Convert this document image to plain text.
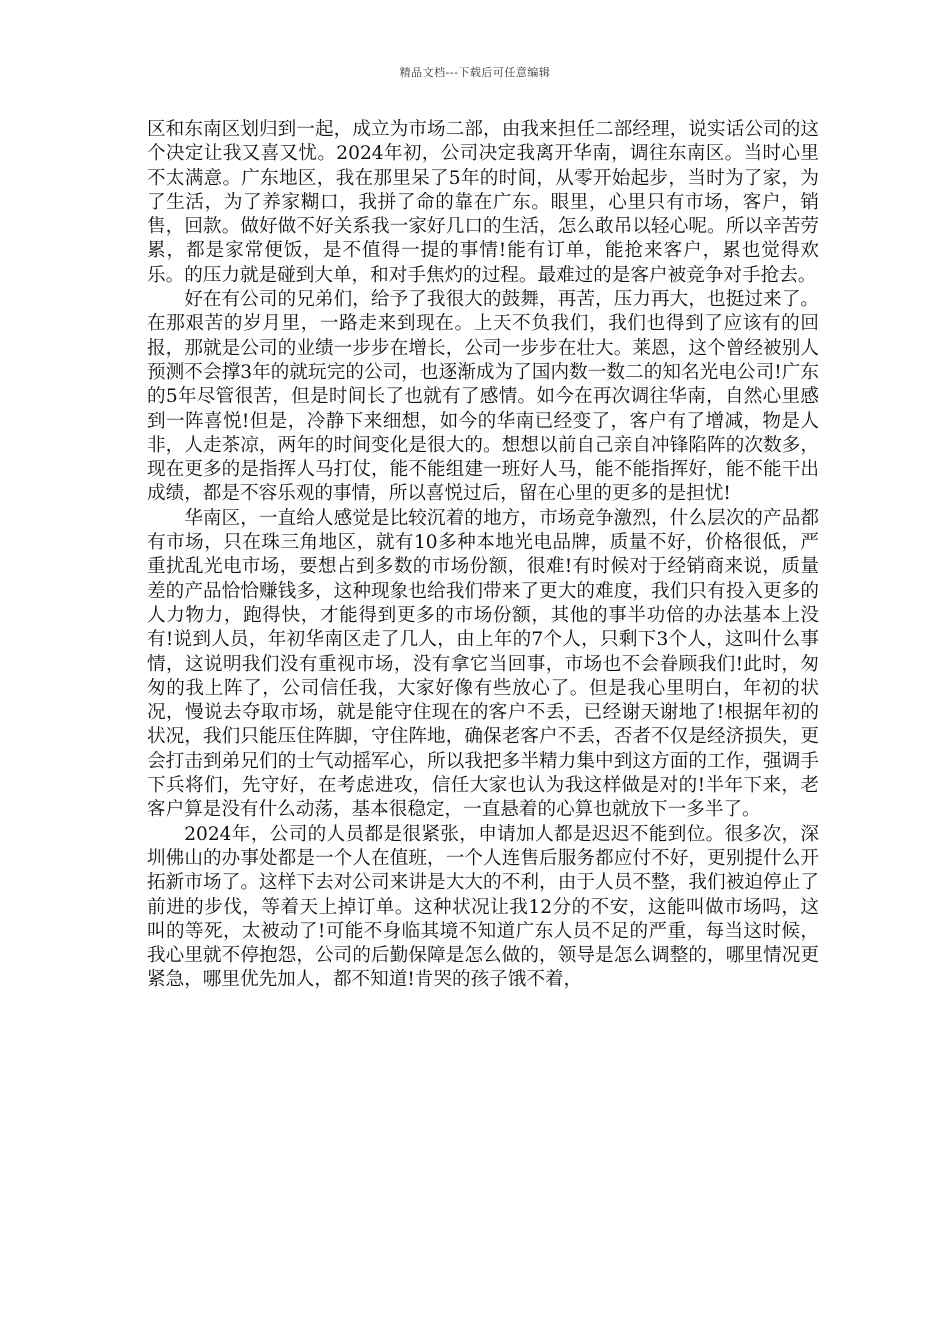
精品文档---下载后可任意编辑

区和东南区划归到一起，成立为市场二部，由我来担任二部经理，说实话公司的这个决定让我又喜又忧。2024年初，公司决定我离开华南，调往东南区。当时心里不太满意。广东地区，我在那里呆了5年的时间，从零开始起步，当时为了家，为了生活，为了养家糊口，我拼了命的靠在广东。眼里，心里只有市场，客户，销售，回款。做好做不好关系我一家好几口的生活，怎么敢吊以轻心呢。所以辛苦劳累，都是家常便饭，是不值得一提的事情!能有订单，能抢来客户，累也觉得欢乐。的压力就是碰到大单，和对手焦灼的过程。最难过的是客户被竞争对手抢去。

好在有公司的兄弟们，给予了我很大的鼓舞，再苦，压力再大，也挺过来了。在那艰苦的岁月里，一路走来到现在。上天不负我们，我们也得到了应该有的回报，那就是公司的业绩一步步在增长，公司一步步在壮大。莱恩，这个曾经被别人预测不会撑3年的就玩完的公司，也逐渐成为了国内数一数二的知名光电公司!广东的5年尽管很苦，但是时间长了也就有了感情。如今在再次调往华南，自然心里感到一阵喜悦!但是，冷静下来细想，如今的华南已经变了，客户有了增减，物是人非，人走茶凉，两年的时间变化是很大的。想想以前自己亲自冲锋陷阵的次数多，现在更多的是指挥人马打仗，能不能组建一班好人马，能不能指挥好，能不能干出成绩，都是不容乐观的事情，所以喜悦过后，留在心里的更多的是担忧!

华南区，一直给人感觉是比较沉着的地方，市场竞争激烈，什么层次的产品都有市场，只在珠三角地区，就有10多种本地光电品牌，质量不好，价格很低，严重扰乱光电市场，要想占到多数的市场份额，很难!有时候对于经销商来说，质量差的产品恰恰赚钱多，这种现象也给我们带来了更大的难度，我们只有投入更多的人力物力，跑得快，才能得到更多的市场份额，其他的事半功倍的办法基本上没有!说到人员，年初华南区走了几人，由上年的7个人，只剩下3个人，这叫什么事情，这说明我们没有重视市场，没有拿它当回事，市场也不会眷顾我们!此时，匆匆的我上阵了，公司信任我，大家好像有些放心了。但是我心里明白，年初的状况，慢说去夺取市场，就是能守住现在的客户不丢，已经谢天谢地了!根据年初的状况，我们只能压住阵脚，守住阵地，确保老客户不丢，否者不仅是经济损失，更会打击到弟兄们的士气动摇军心，所以我把多半精力集中到这方面的工作，强调手下兵将们，先守好，在考虑进攻，信任大家也认为我这样做是对的!半年下来，老客户算是没有什么动荡，基本很稳定，一直悬着的心算也就放下一多半了。

2024年，公司的人员都是很紧张，申请加人都是迟迟不能到位。很多次，深圳佛山的办事处都是一个人在值班，一个人连售后服务都应付不好，更别提什么开拓新市场了。这样下去对公司来讲是大大的不利，由于人员不整，我们被迫停止了前进的步伐，等着天上掉订单。这种状况让我12分的不安，这能叫做市场吗，这叫的等死，太被动了!可能不身临其境不知道广东人员不足的严重，每当这时候，我心里就不停抱怨，公司的后勤保障是怎么做的，领导是怎么调整的，哪里情况更紧急，哪里优先加人，都不知道!肯哭的孩子饿不着，
